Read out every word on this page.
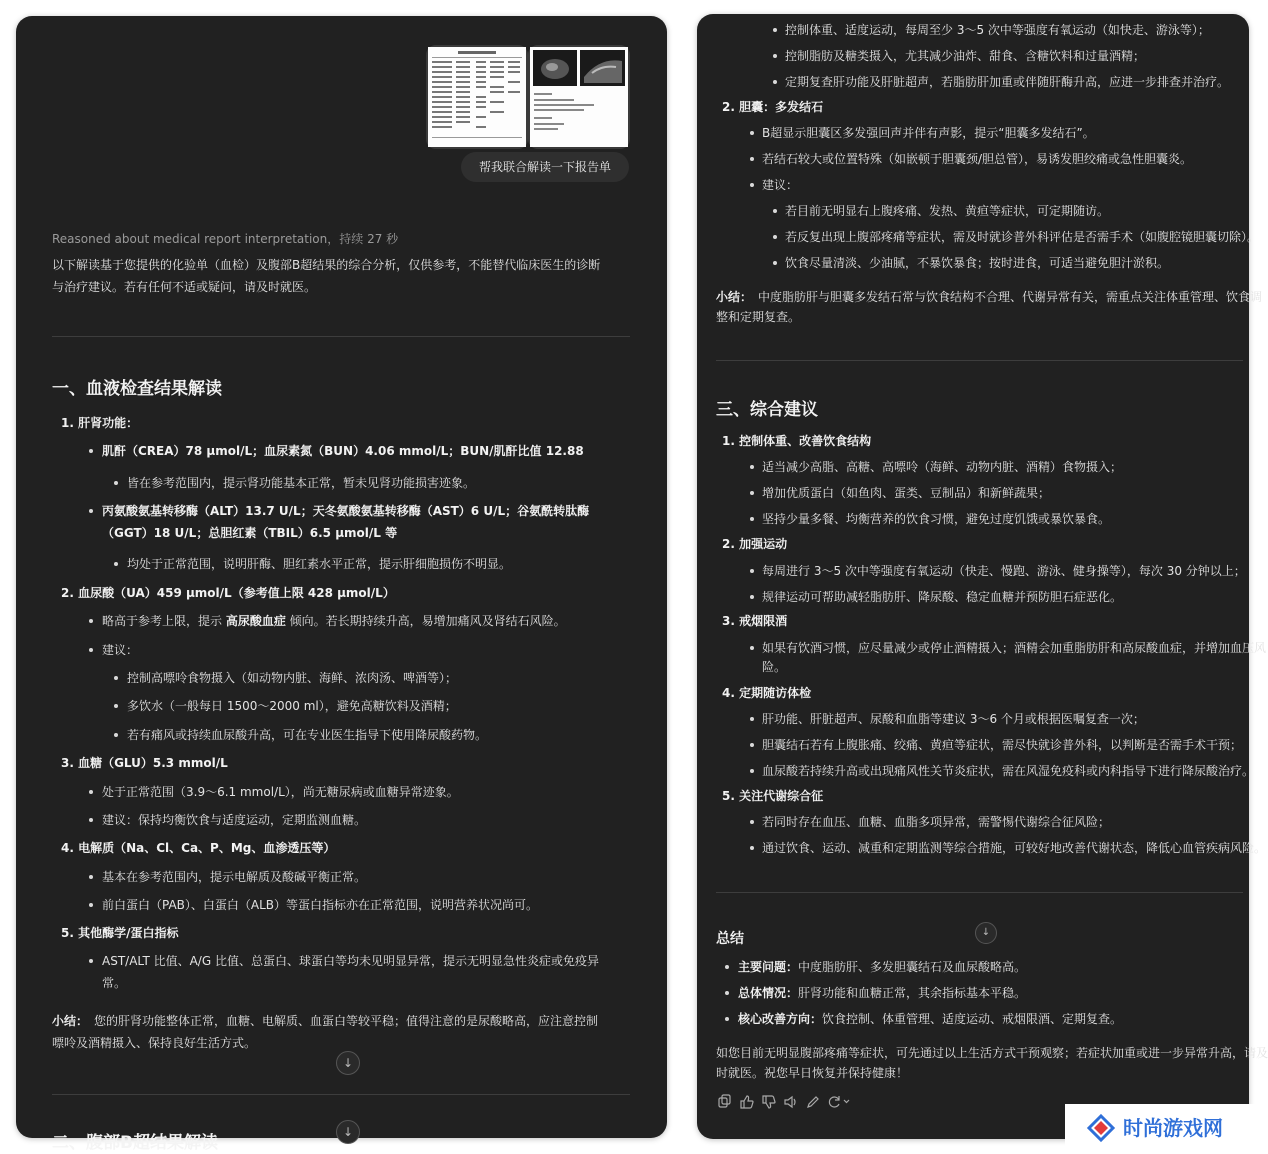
帮我联合解读一下报告单
Reasoned about medical report interpretation，持续 27 秒
以下解读基于您提供的化验单（血检）及腹部B超结果的综合分析，仅供参考，不能替代临床医生的诊断
与治疗建议。若有任何不适或疑问，请及时就医。
一、血液检查结果解读
1. 肝肾功能：
肌酐（CREA）78 μmol/L；血尿素氮（BUN）4.06 mmol/L；BUN/肌酐比值 12.88
皆在参考范围内，提示肾功能基本正常，暂未见肾功能损害迹象。
丙氨酸氨基转移酶（ALT）13.7 U/L；天冬氨酸氨基转移酶（AST）6 U/L；谷氨酰转肽酶
（GGT）18 U/L；总胆红素（TBIL）6.5 μmol/L 等
均处于正常范围，说明肝酶、胆红素水平正常，提示肝细胞损伤不明显。
2. 血尿酸（UA）459 μmol/L（参考值上限 428 μmol/L）
略高于参考上限，提示 高尿酸血症 倾向。若长期持续升高，易增加痛风及肾结石风险。
建议：
控制高嘌呤食物摄入（如动物内脏、海鲜、浓肉汤、啤酒等）；
多饮水（一般每日 1500～2000 ml），避免高糖饮料及酒精；
若有痛风或持续血尿酸升高，可在专业医生指导下使用降尿酸药物。
3. 血糖（GLU）5.3 mmol/L
处于正常范围（3.9～6.1 mmol/L），尚无糖尿病或血糖异常迹象。
建议：保持均衡饮食与适度运动，定期监测血糖。
4. 电解质（Na、Cl、Ca、P、Mg、血渗透压等）
基本在参考范围内，提示电解质及酸碱平衡正常。
前白蛋白（PAB）、白蛋白（ALB）等蛋白指标亦在正常范围，说明营养状况尚可。
5. 其他酶学/蛋白指标
AST/ALT 比值、A/G 比值、总蛋白、球蛋白等均未见明显异常，提示无明显急性炎症或免疫异
常。
小结： 您的肝肾功能整体正常，血糖、电解质、血蛋白等较平稳；值得注意的是尿酸略高，应注意控制
嘌呤及酒精摄入、保持良好生活方式。
↓
↓
二、腹部B超结果解读
控制体重、适度运动，每周至少 3～5 次中等强度有氧运动（如快走、游泳等）；
控制脂肪及糖类摄入，尤其减少油炸、甜食、含糖饮料和过量酒精；
定期复查肝功能及肝脏超声，若脂肪肝加重或伴随肝酶升高，应进一步排查并治疗。
2. 胆囊：多发结石
B超显示胆囊区多发强回声并伴有声影，提示“胆囊多发结石”。
若结石较大或位置特殊（如嵌顿于胆囊颈/胆总管），易诱发胆绞痛或急性胆囊炎。
建议：
若目前无明显右上腹疼痛、发热、黄疸等症状，可定期随访。
若反复出现上腹部疼痛等症状，需及时就诊普外科评估是否需手术（如腹腔镜胆囊切除）。
饮食尽量清淡、少油腻，不暴饮暴食；按时进食，可适当避免胆汁淤积。
小结： 中度脂肪肝与胆囊多发结石常与饮食结构不合理、代谢异常有关，需重点关注体重管理、饮食调
整和定期复查。
三、综合建议
1. 控制体重、改善饮食结构
适当减少高脂、高糖、高嘌呤（海鲜、动物内脏、酒精）食物摄入；
增加优质蛋白（如鱼肉、蛋类、豆制品）和新鲜蔬果；
坚持少量多餐、均衡营养的饮食习惯，避免过度饥饿或暴饮暴食。
2. 加强运动
每周进行 3～5 次中等强度有氧运动（快走、慢跑、游泳、健身操等），每次 30 分钟以上；
规律运动可帮助减轻脂肪肝、降尿酸、稳定血糖并预防胆石症恶化。
3. 戒烟限酒
如果有饮酒习惯，应尽量减少或停止酒精摄入；酒精会加重脂肪肝和高尿酸血症，并增加血压风
险。
4. 定期随访体检
肝功能、肝脏超声、尿酸和血脂等建议 3～6 个月或根据医嘱复查一次；
胆囊结石若有上腹胀痛、绞痛、黄疸等症状，需尽快就诊普外科，以判断是否需手术干预；
血尿酸若持续升高或出现痛风性关节炎症状，需在风湿免疫科或内科指导下进行降尿酸治疗。
5. 关注代谢综合征
若同时存在血压、血糖、血脂多项异常，需警惕代谢综合征风险；
通过饮食、运动、减重和定期监测等综合措施，可较好地改善代谢状态，降低心血管疾病风险。
↓
总结
主要问题：中度脂肪肝、多发胆囊结石及血尿酸略高。
总体情况：肝肾功能和血糖正常，其余指标基本平稳。
核心改善方向：饮食控制、体重管理、适度运动、戒烟限酒、定期复查。
如您目前无明显腹部疼痛等症状，可先通过以上生活方式干预观察；若症状加重或进一步异常升高，请及
时就医。祝您早日恢复并保持健康！
时尚游戏网
